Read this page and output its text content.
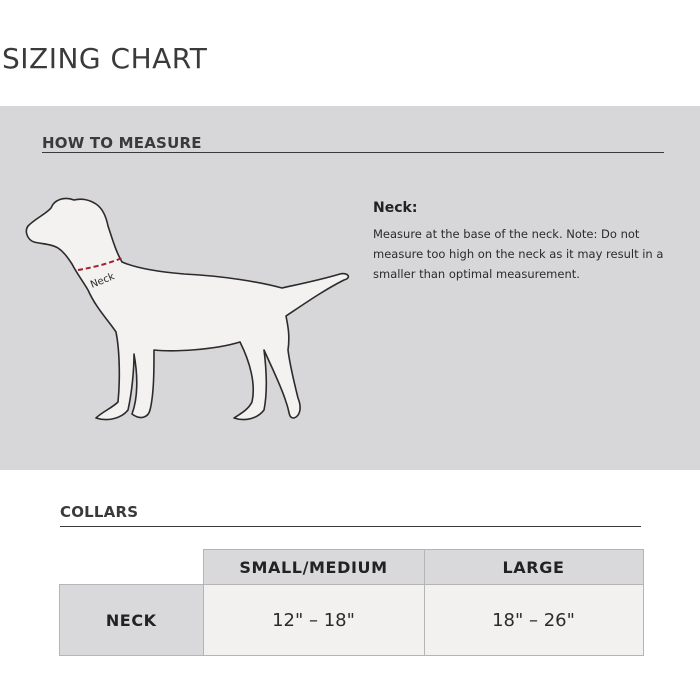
SIZING CHART
HOW TO MEASURE
Neck
Neck:
Measure at the base of the neck. Note: Do not measure too high on the neck as it may result in a smaller than optimal measurement.
COLLARS
	SMALL/MEDIUM	LARGE
NECK	12" – 18"	18" – 26"
